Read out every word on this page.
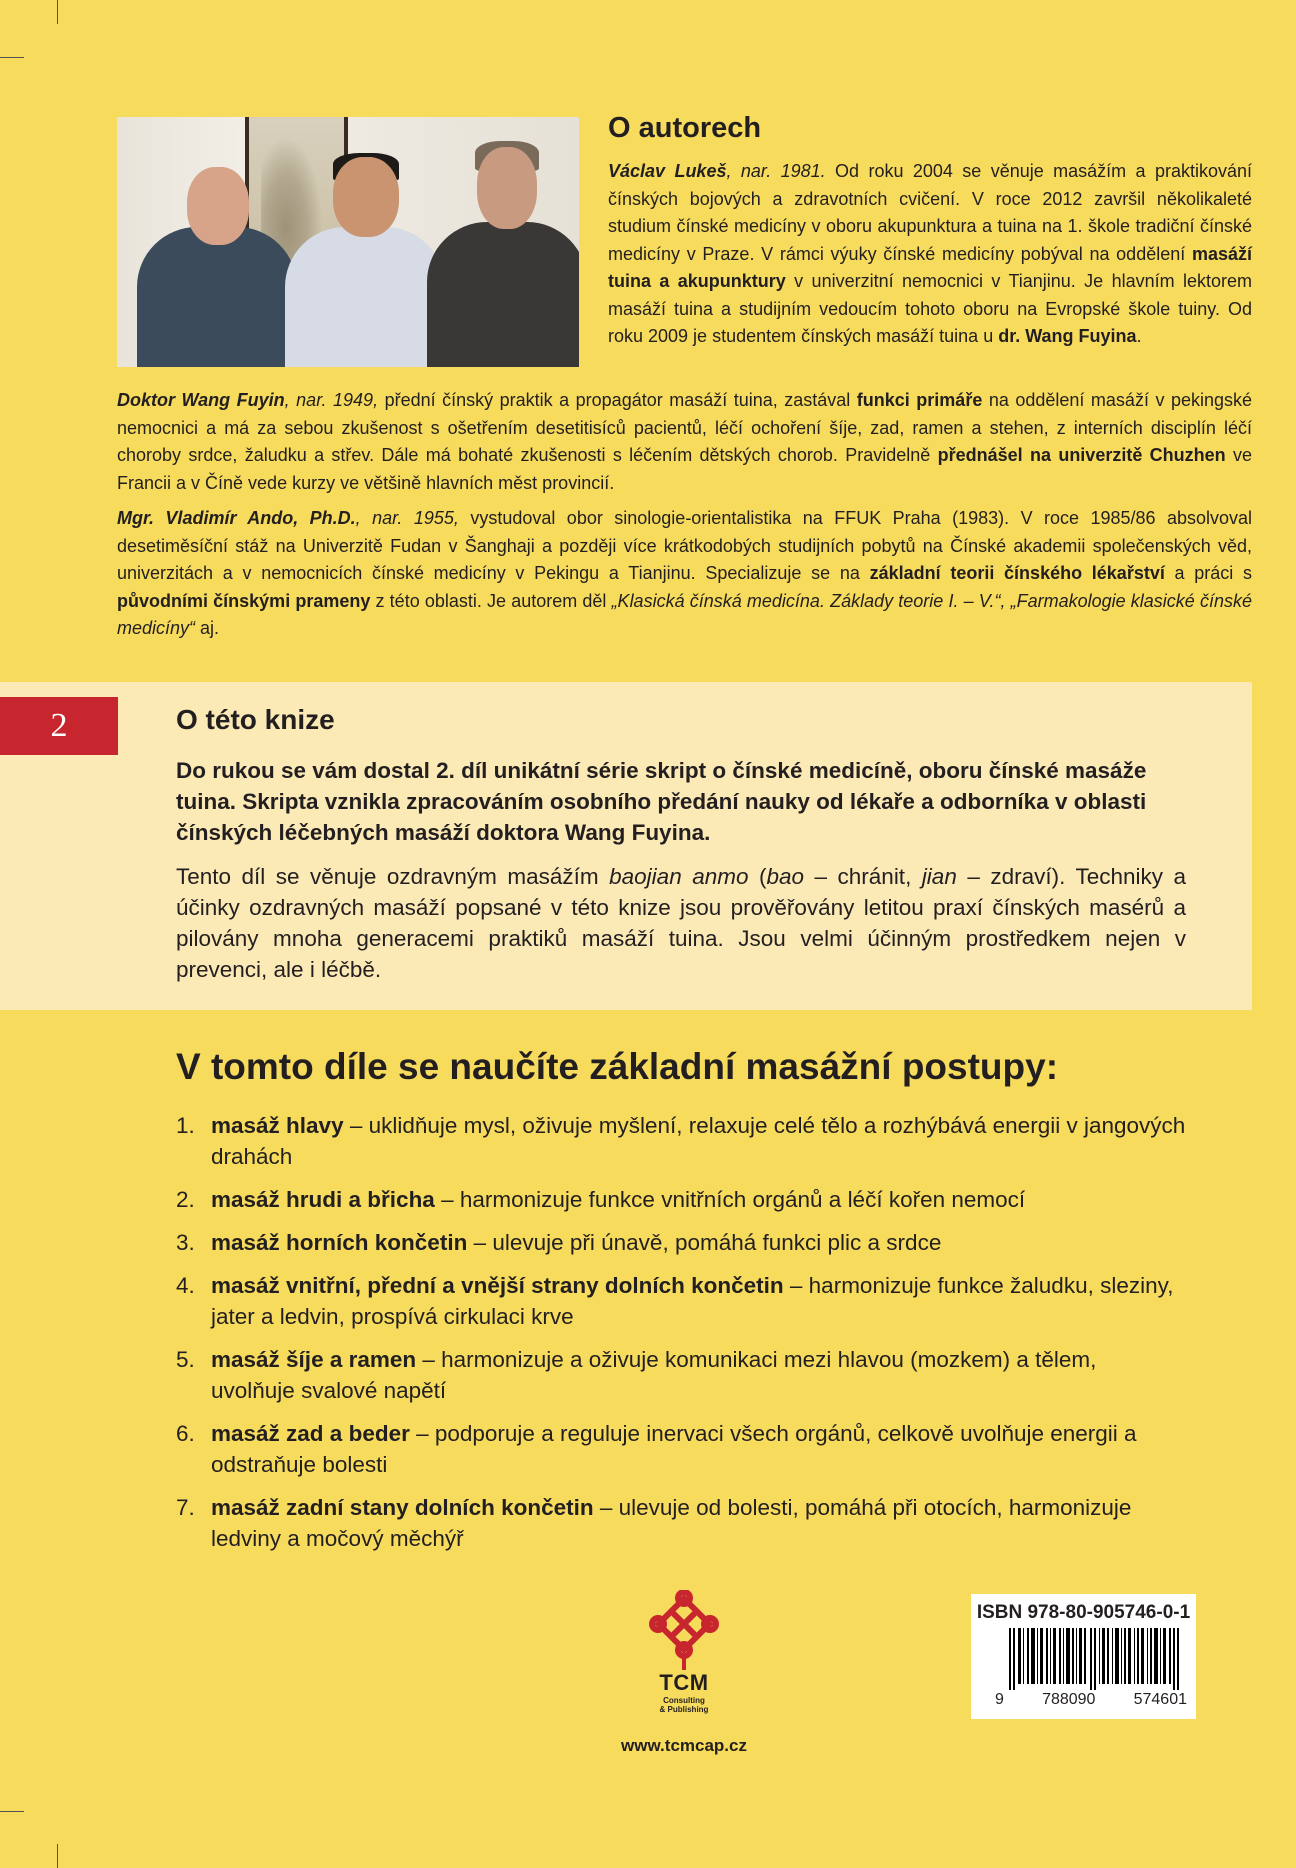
O autorech

Václav Lukeš, nar. 1981. Od roku 2004 se věnuje masážím a praktikování čínských bojových a zdravotních cvičení. V roce 2012 završil několikaleté studium čínské medicíny v oboru akupunktura a tuina na 1. škole tradiční čínské medicíny v Praze. V rámci výuky čínské medicíny pobýval na oddělení masáží tuina a akupunktury v univerzitní nemocnici v Tianjinu. Je hlavním lektorem masáží tuina a studijním vedoucím tohoto oboru na Evropské škole tuiny. Od roku 2009 je studentem čínských masáží tuina u dr. Wang Fuyina.

Doktor Wang Fuyin, nar. 1949, přední čínský praktik a propagátor masáží tuina, zastával funkci primáře na oddělení masáží v pekingské nemocnici a má za sebou zkušenost s ošetřením desetitisíců pacientů, léčí ochoření šíje, zad, ramen a stehen, z interních disciplín léčí choroby srdce, žaludku a střev. Dále má bohaté zkušenosti s léčením dětských chorob. Pravidelně přednášel na univerzitě Chuzhen ve Francii a v Číně vede kurzy ve většině hlavních měst provincií.

Mgr. Vladimír Ando, Ph.D., nar. 1955, vystudoval obor sinologie-orientalistika na FFUK Praha (1983). V roce 1985/86 absolvoval desetiměsíční stáž na Univerzitě Fudan v Šanghaji a později více krátkodobých studijních pobytů na Čínské akademii společenských věd, univerzitách a v nemocnicích čínské medicíny v Pekingu a Tianjinu. Specializuje se na základní teorii čínského lékařství a práci s původními čínskými prameny z této oblasti. Je autorem děl „Klasická čínská medicína. Základy teorie I. – V.“, „Farmakologie klasické čínské medicíny“ aj.

2	O této knize

Do rukou se vám dostal 2. díl unikátní série skript o čínské medicíně, oboru čínské masáže tuina. Skripta vznikla zpracováním osobního předání nauky od lékaře a odborníka v oblasti čínských léčebných masáží doktora Wang Fuyina.

Tento díl se věnuje ozdravným masážím baojian anmo (bao – chránit, jian – zdraví). Techniky a účinky ozdravných masáží popsané v této knize jsou prověřovány letitou praxí čínských masérů a pilovány mnoha generacemi praktiků masáží tuina. Jsou velmi účinným prostředkem nejen v prevenci, ale i léčbě.

V tomto díle se naučíte základní masážní postupy:
1. masáž hlavy – uklidňuje mysl, oživuje myšlení, relaxuje celé tělo a rozhýbává energii v jangových drahách
2. masáž hrudi a břicha – harmonizuje funkce vnitřních orgánů a léčí kořen nemocí
3. masáž horních končetin – ulevuje při únavě, pomáhá funkci plic a srdce
4. masáž vnitřní, přední a vnější strany dolních končetin – harmonizuje funkce žaludku, sleziny, jater a ledvin, prospívá cirkulaci krve
5. masáž šíje a ramen – harmonizuje a oživuje komunikaci mezi hlavou (mozkem) a tělem, uvolňuje svalové napětí
6. masáž zad a beder – podporuje a reguluje inervaci všech orgánů, celkově uvolňuje energii a odstraňuje bolesti
7. masáž zadní stany dolních končetin – ulevuje od bolesti, pomáhá při otocích, harmonizuje ledviny a močový měchýř
TCM
Consulting
& Publishing
www.tcmcap.cz
ISBN 978-80-905746-0-1
9 788090 574601
